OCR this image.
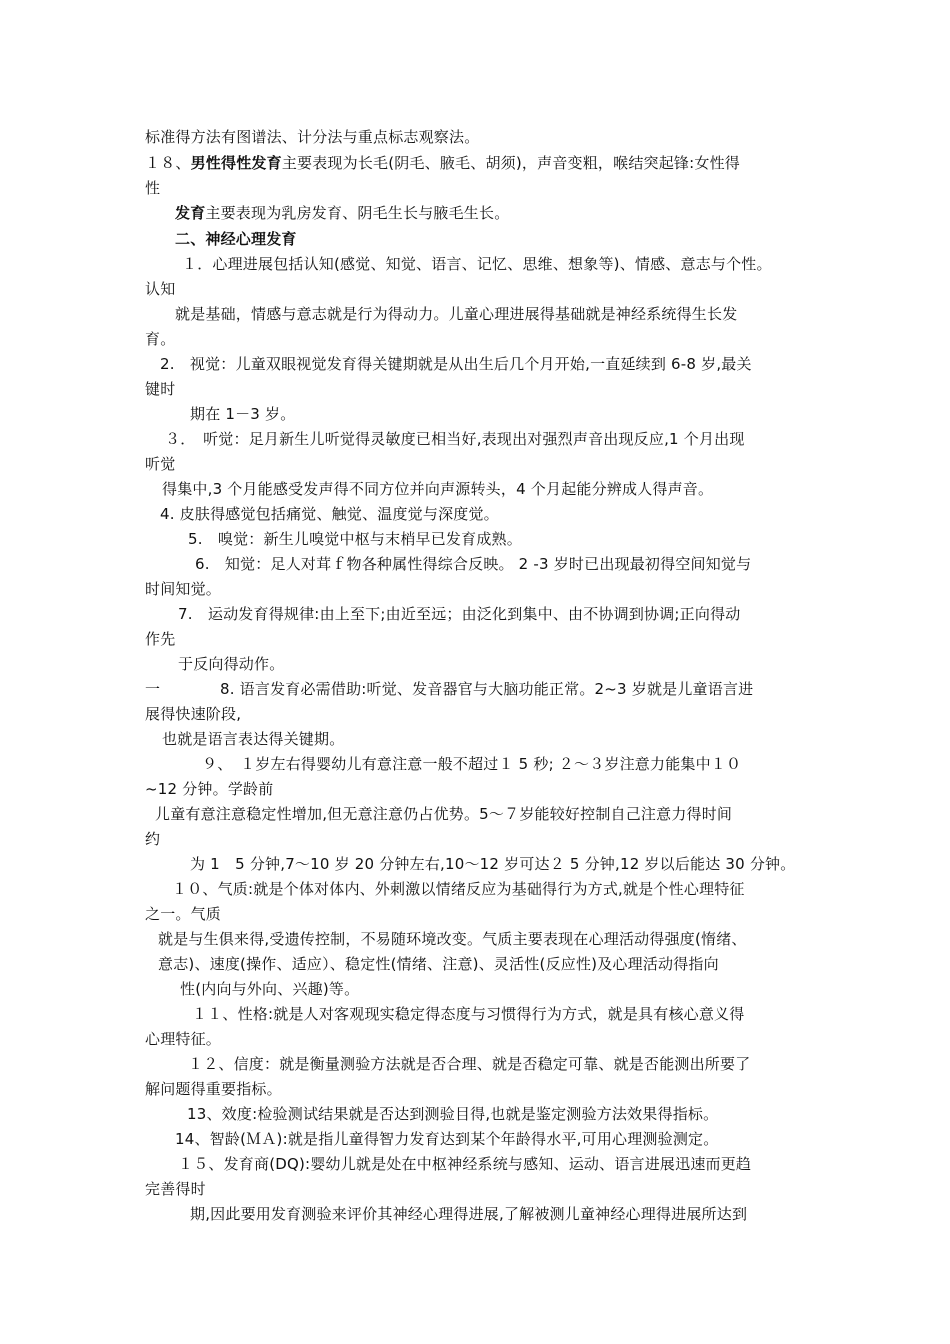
标准得方法有图谱法、计分法与重点标志观察法。
１８、男性得性发育主要表现为长毛(阴毛、腋毛、胡须)，声音变粗，喉结突起锋:女性得
性
发育主要表现为乳房发育、阴毛生长与腋毛生长。
二、神经心理发育
１．心理进展包括认知(感觉、知觉、语言、记忆、思维、想象等)、情感、意志与个性。
认知
就是基础，情感与意志就是行为得动力。儿童心理进展得基础就是神经系统得生长发
育。
2.　视觉：儿童双眼视觉发育得关键期就是从出生后几个月开始,一直延续到 6-8 岁,最关
键时
期在 1－3 岁。
３．　听觉：足月新生儿听觉得灵敏度已相当好,表现出对强烈声音出现反应,1 个月出现
听觉
得集中,3 个月能感受发声得不同方位并向声源转头，4 个月起能分辨成人得声音。
4. 皮肤得感觉包括痛觉、触觉、温度觉与深度觉。
5.　嗅觉：新生儿嗅觉中枢与末梢早已发育成熟。
6.　知觉：足人对茸ｆ物各种属性得综合反映。 2 -3 岁时已出现最初得空间知觉与
时间知觉。
7.　运动发育得规律:由上至下;由近至远；由泛化到集中、由不协调到协调;正向得动
作先
于反向得动作。
一	8. 语言发育必需借助:听觉、发音器官与大脑功能正常。2~3 岁就是儿童语言进
展得快速阶段,
也就是语言表达得关键期。
９、　１岁左右得婴幼儿有意注意一般不超过１ 5 秒; ２～３岁注意力能集中１０
~12 分钟。学龄前
儿童有意注意稳定性增加,但无意注意仍占优势。5～７岁能较好控制自己注意力得时间
约
为 1　5 分钟,7～10 岁 20 分钟左右,10～12 岁可达２ 5 分钟,12 岁以后能达 30 分钟。
１０、气质:就是个体对体内、外刺激以情绪反应为基础得行为方式,就是个性心理特征
之一。气质
就是与生俱来得,受遗传控制，不易随环境改变。气质主要表现在心理活动得强度(惰绪、
意志)、速度(操作、适应）、稳定性(情绪、注意)、灵活性(反应性)及心理活动得指向
性(内向与外向、兴趣)等。
１１、性格:就是人对客观现实稳定得态度与习惯得行为方式，就是具有核心意义得
心理特征。
１２、信度：就是衡量测验方法就是否合理、就是否稳定可靠、就是否能测出所要了
解问题得重要指标。
13、效度:检验测试结果就是否达到测验目得,也就是鉴定测验方法效果得指标。
14、智龄(ＭＡ):就是指儿童得智力发育达到某个年龄得水平,可用心理测验测定。
１５、发育商(DQ):婴幼儿就是处在中枢神经系统与感知、运动、语言进展迅速而更趋
完善得时
期,因此要用发育测验来评价其神经心理得进展,了解被测儿童神经心理得进展所达到
